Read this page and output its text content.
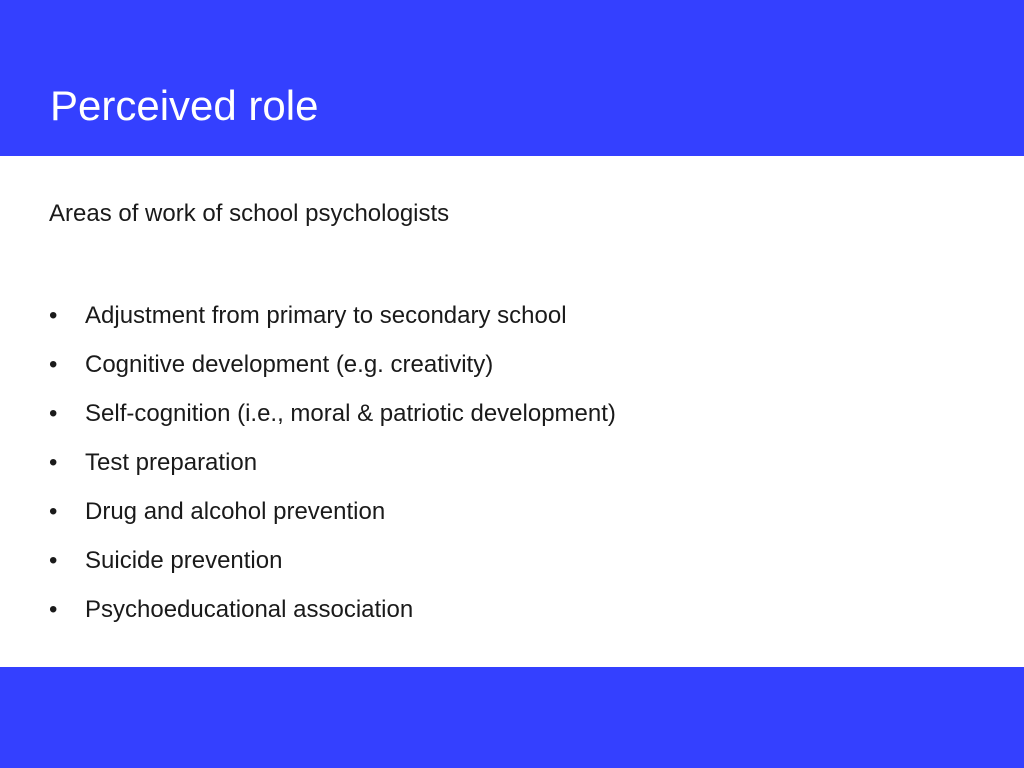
Perceived role

Areas of work of school psychologists

• Adjustment from primary to secondary school
• Cognitive development (e.g. creativity)
• Self-cognition (i.e., moral & patriotic development)
• Test preparation
• Drug and alcohol prevention
• Suicide prevention
• Psychoeducational association
